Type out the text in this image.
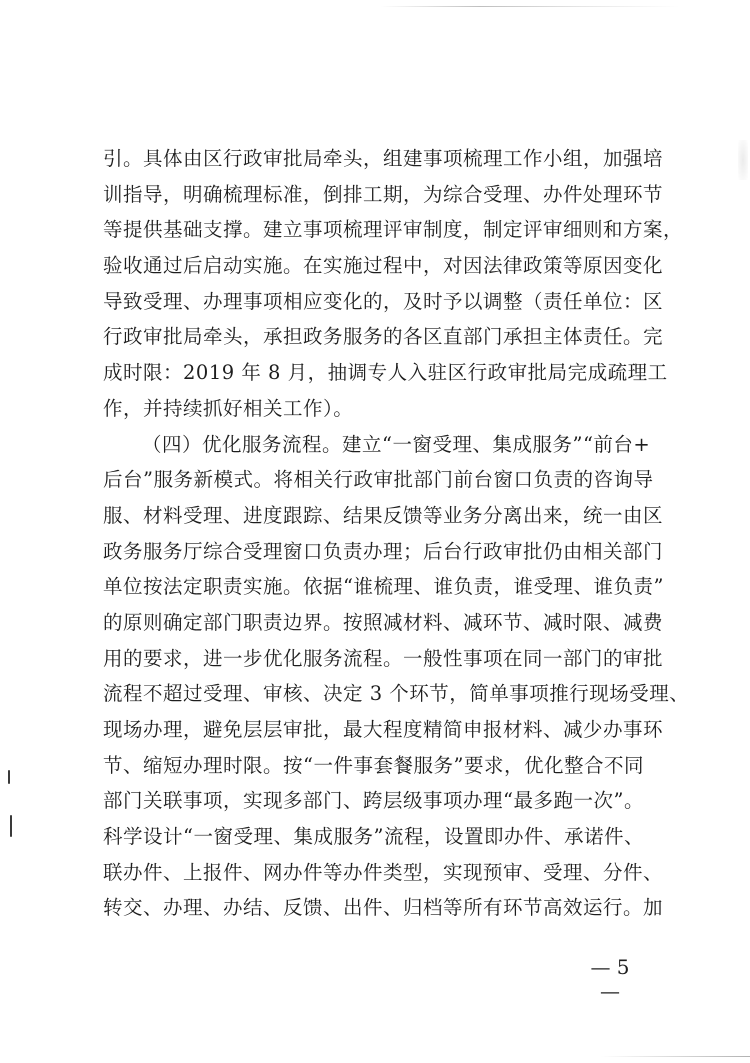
引。具体由区行政审批局牵头，组建事项梳理工作小组，加强培
训指导，明确梳理标准，倒排工期，为综合受理、办件处理环节
等提供基础支撑。建立事项梳理评审制度，制定评审细则和方案，
验收通过后启动实施。在实施过程中，对因法律政策等原因变化
导致受理、办理事项相应变化的，及时予以调整（责任单位：区
行政审批局牵头，承担政务服务的各区直部门承担主体责任。完
成时限：2019 年 8 月，抽调专人入驻区行政审批局完成疏理工
作，并持续抓好相关工作）。
（四）优化服务流程。建立“一窗受理、集成服务”“前台+
后台”服务新模式。将相关行政审批部门前台窗口负责的咨询导
服、材料受理、进度跟踪、结果反馈等业务分离出来，统一由区
政务服务厅综合受理窗口负责办理；后台行政审批仍由相关部门
单位按法定职责实施。依据“谁梳理、谁负责，谁受理、谁负责”
的原则确定部门职责边界。按照减材料、减环节、减时限、减费
用的要求，进一步优化服务流程。一般性事项在同一部门的审批
流程不超过受理、审核、决定 3 个环节，简单事项推行现场受理、
现场办理，避免层层审批，最大程度精简申报材料、减少办事环
节、缩短办理时限。按“一件事套餐服务”要求，优化整合不同
部门关联事项，实现多部门、跨层级事项办理“最多跑一次”。
科学设计“一窗受理、集成服务”流程，设置即办件、承诺件、
联办件、上报件、网办件等办件类型，实现预审、受理、分件、
转交、办理、办结、反馈、出件、归档等所有环节高效运行。加
— 5 —
